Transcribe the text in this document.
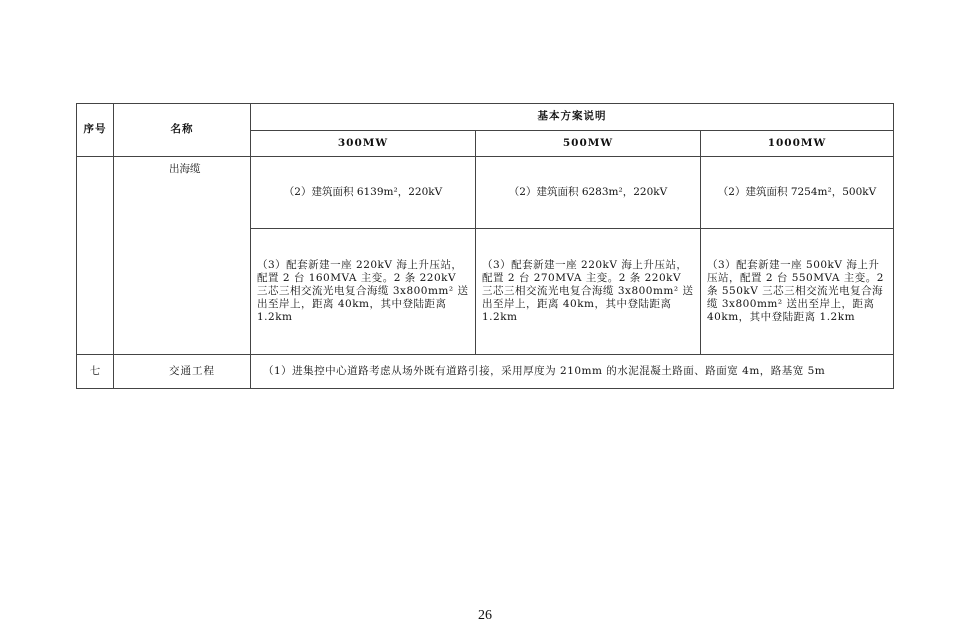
序号	名称	基本方案说明		
		300MW	500MW	1000MW
	出海缆	（2）建筑面积 6139m²，220kV	（2）建筑面积 6283m²，220kV	（2）建筑面积 7254m²，500kV
		（3）配套新建一座 220kV 海上升压站，配置 2 台 160MVA 主变。2 条 220kV 三芯三相交流光电复合海缆 3x800mm² 送出至岸上，距离 40km，其中登陆距离 1.2km	（3）配套新建一座 220kV 海上升压站，配置 2 台 270MVA 主变。2 条 220kV 三芯三相交流光电复合海缆 3x800mm² 送出至岸上，距离 40km，其中登陆距离 1.2km	（3）配套新建一座 500kV 海上升压站，配置 2 台 550MVA 主变。2 条 550kV 三芯三相交流光电复合海缆 3x800mm² 送出至岸上，距离 40km，其中登陆距离 1.2km
七	交通工程	（1）进集控中心道路考虑从场外既有道路引接，采用厚度为 210mm 的水泥混凝土路面、路面宽 4m，路基宽 5m		
26
